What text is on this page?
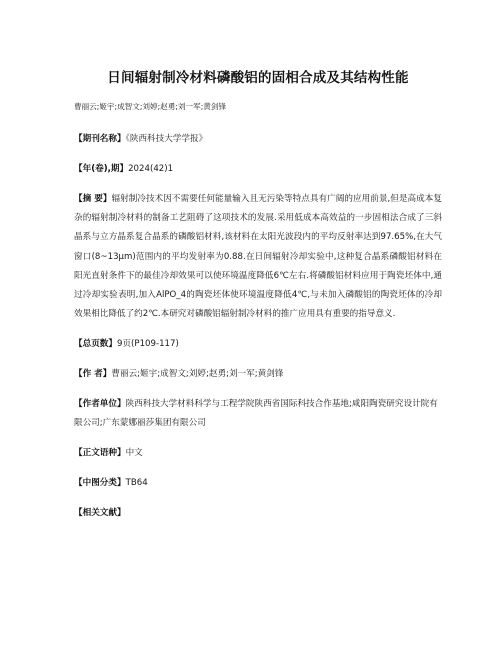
日间辐射制冷材料磷酸铝的固相合成及其结构性能
曹丽云;姬宇;成智文;刘婷;赵勇;刘一军;黄剑锋
【期刊名称】《陕西科技大学学报》
【年(卷),期】2024(42)1
【摘 要】辐射制冷技术因不需要任何能量输入且无污染等特点具有广阔的应用前景,但是高成本复杂的辐射制冷材料的制备工艺阻碍了这项技术的发展.采用低成本高效益的一步固相法合成了三斜晶系与立方晶系复合晶系的磷酸铝材料,该材料在太阳光波段内的平均反射率达到97.65%,在大气窗口(8~13μm)范围内的平均发射率为0.88.在日间辐射冷却实验中,这种复合晶系磷酸铝材料在阳光直射条件下的最佳冷却效果可以使环境温度降低6℃左右.将磷酸铝材料应用于陶瓷坯体中,通过冷却实验表明,加入AlPO_4的陶瓷坯体使环境温度降低4℃,与未加入磷酸铝的陶瓷坯体的冷却效果相比降低了约2℃.本研究对磷酸铝辐射制冷材料的推广应用具有重要的指导意义.
【总页数】9页(P109-117)
【作 者】曹丽云;姬宇;成智文;刘婷;赵勇;刘一军;黄剑锋
【作者单位】陕西科技大学材料科学与工程学院陕西省国际科技合作基地;咸阳陶瓷研究设计院有限公司;广东蒙娜丽莎集团有限公司
【正文语种】中文
【中图分类】TB64
【相关文献】
